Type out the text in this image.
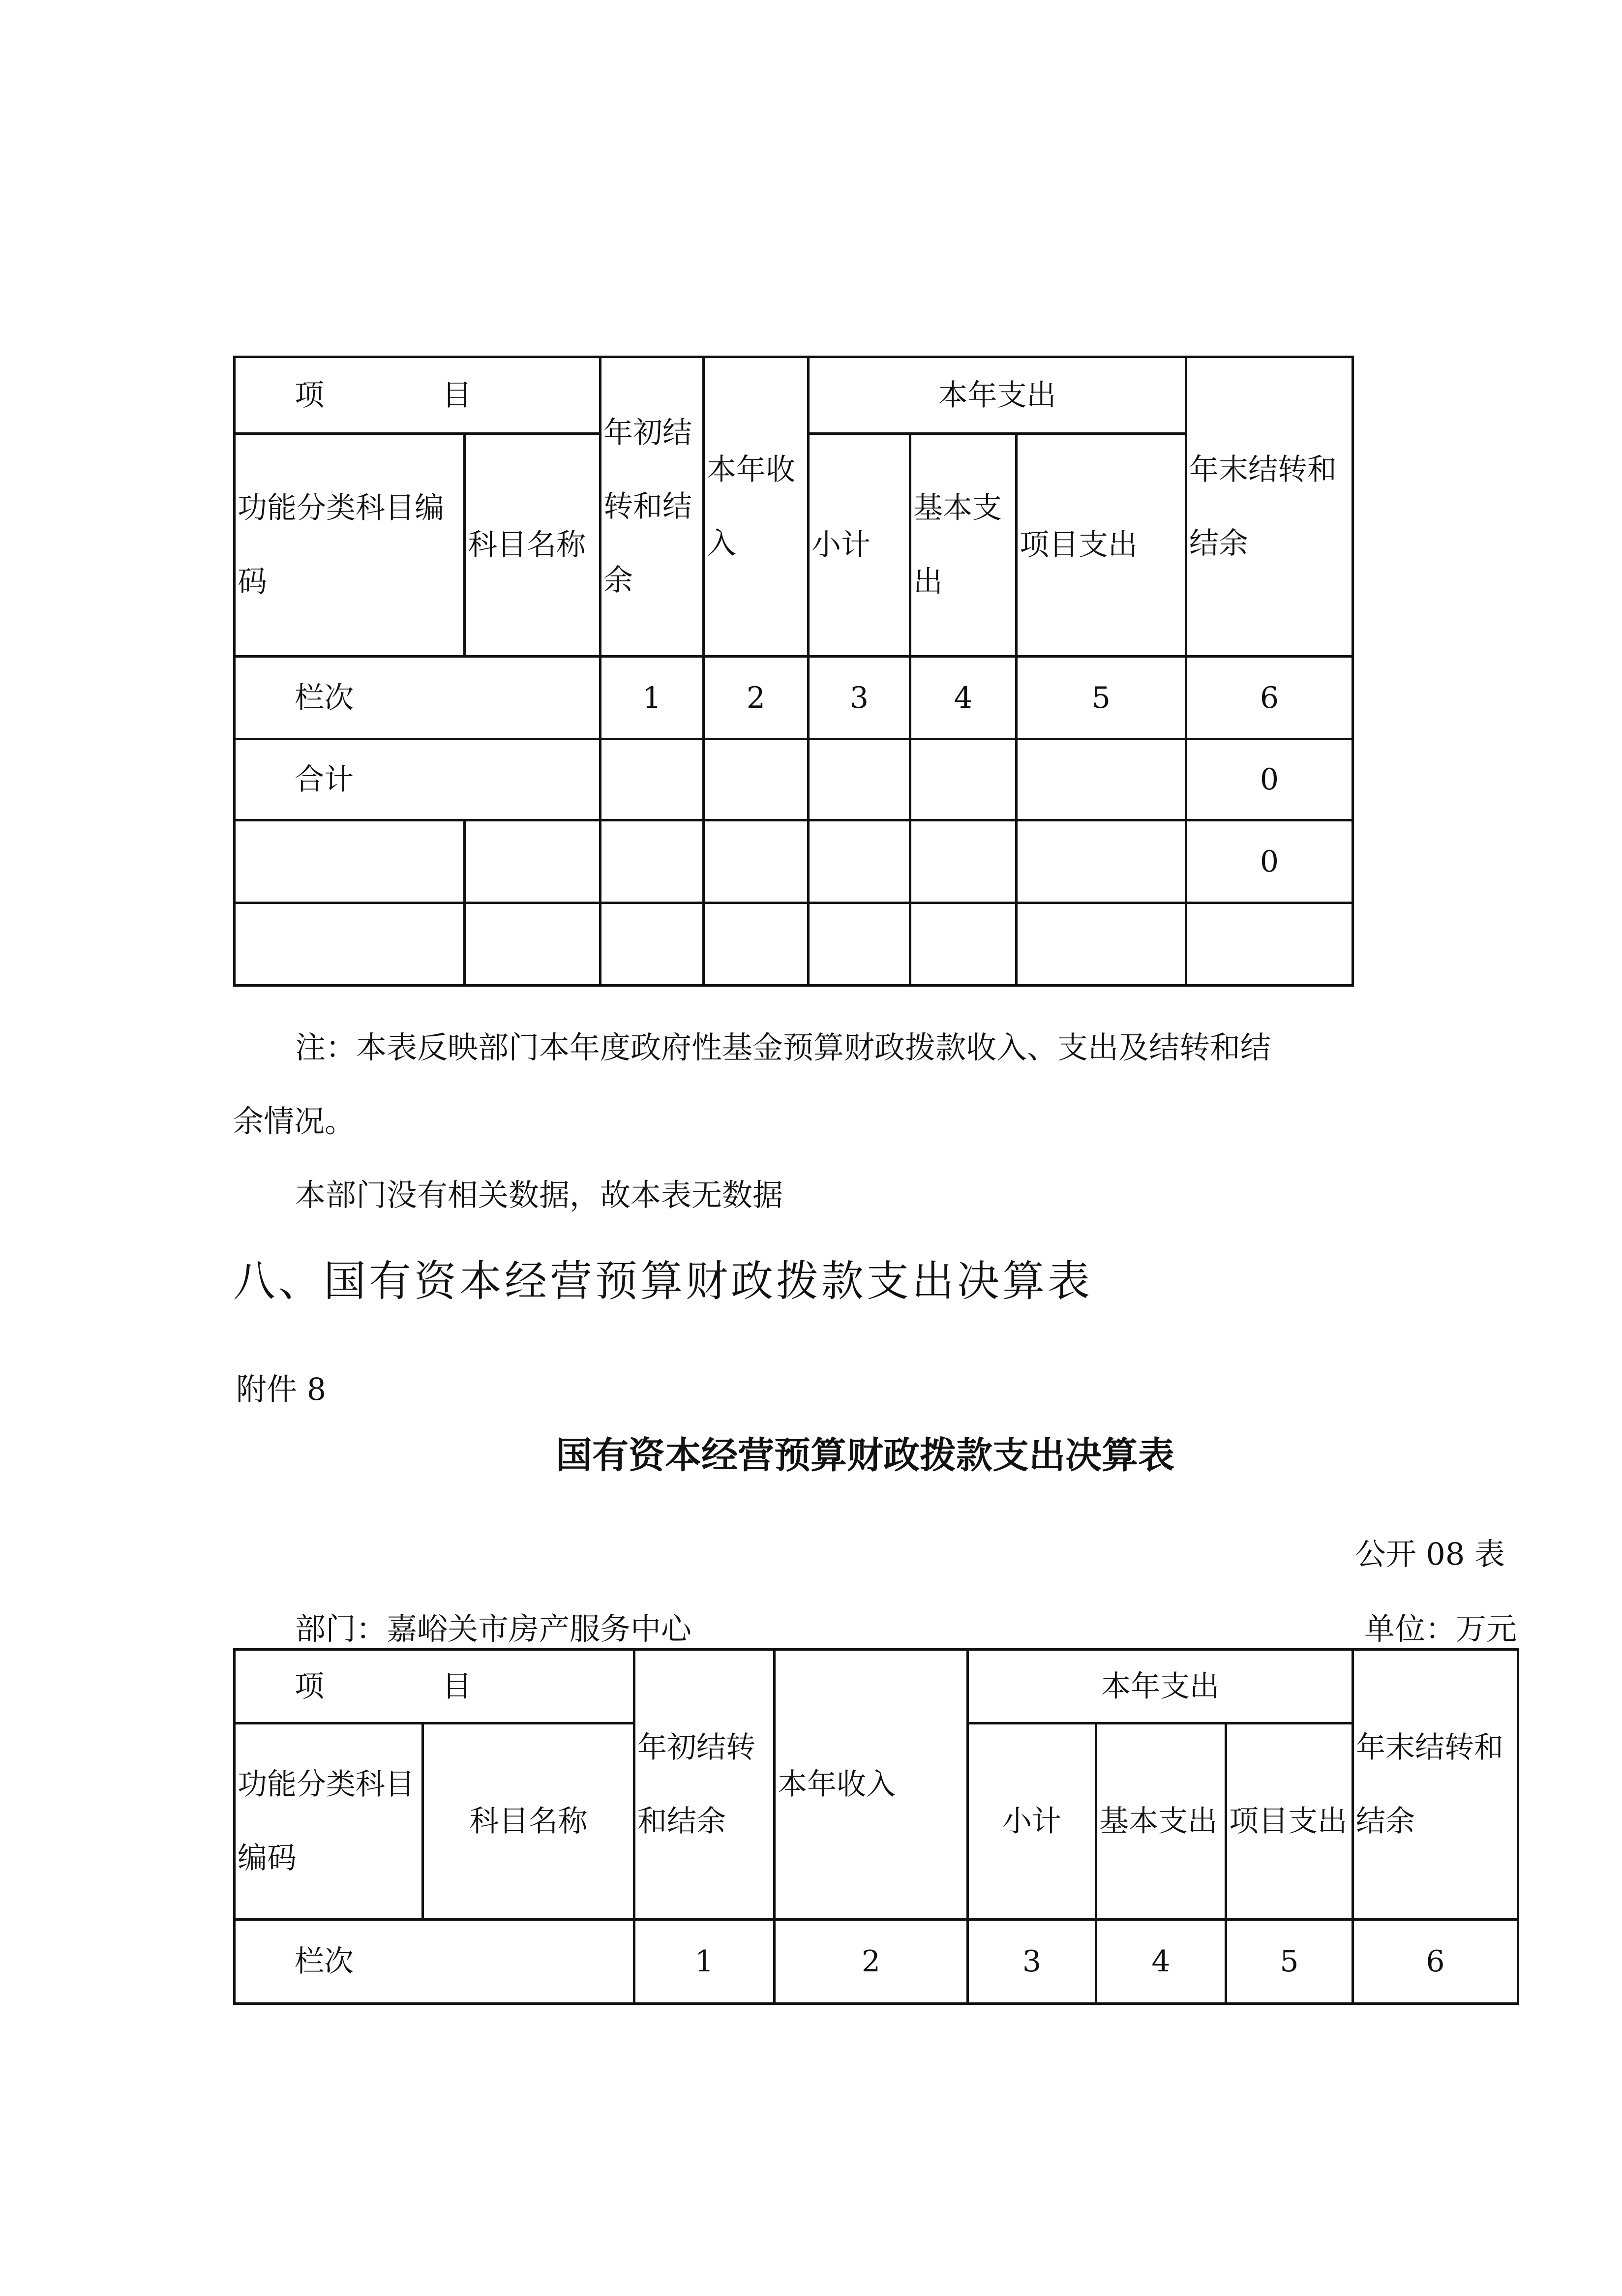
项　　　　目		年初结转和结余	本年收入	本年支出			年末结转和结余
功能分类科目编码	科目名称			小计	基本支出	项目支出	
栏次		1	2	3	4	5	6
合计							0
							0

注：本表反映部门本年度政府性基金预算财政拨款收入、支出及结转和结
余情况。
本部门没有相关数据，故本表无数据
八、国有资本经营预算财政拨款支出决算表
附件 8
国有资本经营预算财政拨款支出决算表
公开 08 表
部门：嘉峪关市房产服务中心	单位：万元
项　　　　目		年初结转和结余	本年收入	本年支出			年末结转和结余
功能分类科目编码	科目名称			小计	基本支出	项目支出	
栏次		1	2	3	4	5	6
